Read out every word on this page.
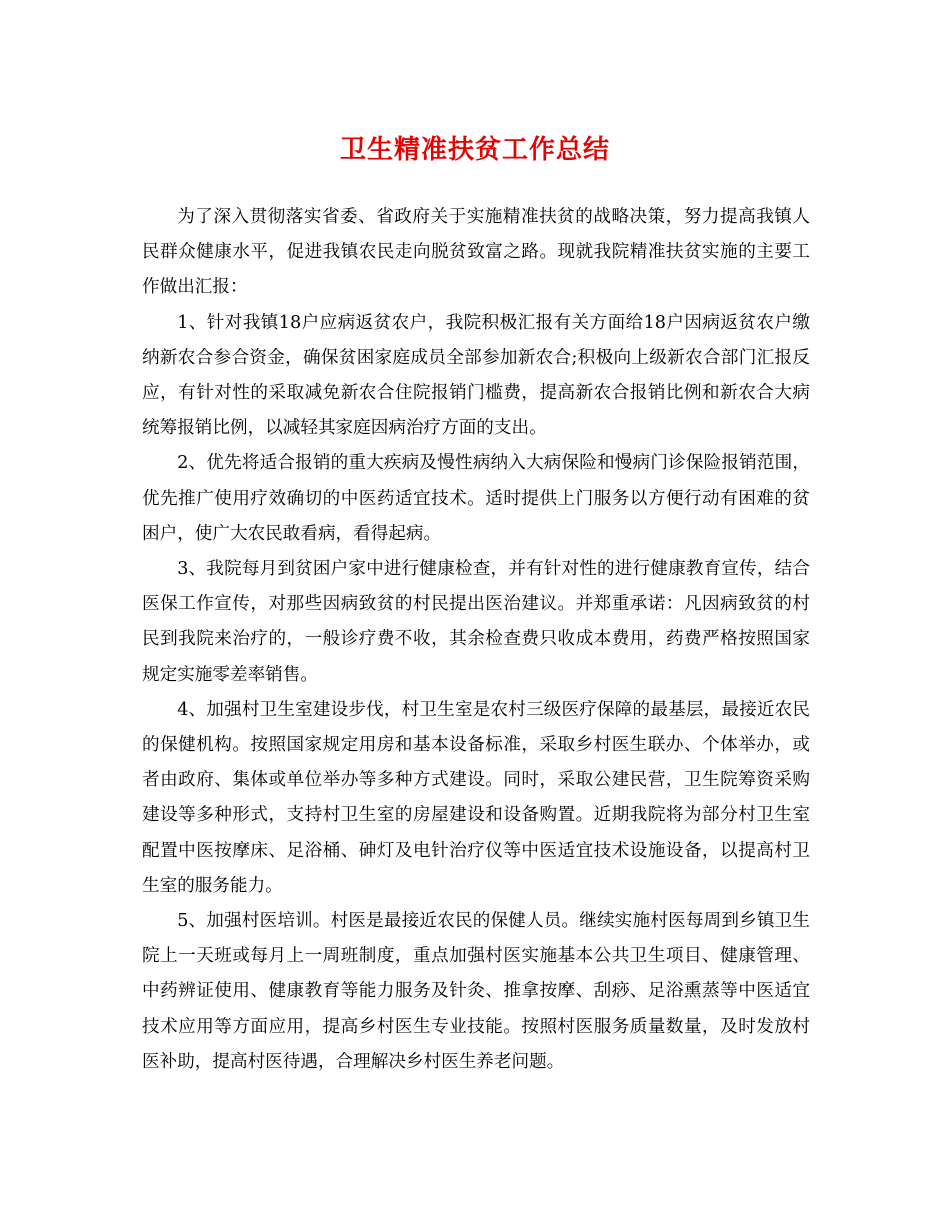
卫生精准扶贫工作总结

为了深入贯彻落实省委、省政府关于实施精准扶贫的战略决策，努力提高我镇人民群众健康水平，促进我镇农民走向脱贫致富之路。现就我院精准扶贫实施的主要工作做出汇报：

1、针对我镇18户应病返贫农户，我院积极汇报有关方面给18户因病返贫农户缴纳新农合参合资金，确保贫困家庭成员全部参加新农合;积极向上级新农合部门汇报反应，有针对性的采取减免新农合住院报销门槛费，提高新农合报销比例和新农合大病统筹报销比例，以减轻其家庭因病治疗方面的支出。

2、优先将适合报销的重大疾病及慢性病纳入大病保险和慢病门诊保险报销范围，优先推广使用疗效确切的中医药适宜技术。适时提供上门服务以方便行动有困难的贫困户，使广大农民敢看病，看得起病。

3、我院每月到贫困户家中进行健康检查，并有针对性的进行健康教育宣传，结合医保工作宣传，对那些因病致贫的村民提出医治建议。并郑重承诺：凡因病致贫的村民到我院来治疗的，一般诊疗费不收，其余检查费只收成本费用，药费严格按照国家规定实施零差率销售。

4、加强村卫生室建设步伐，村卫生室是农村三级医疗保障的最基层，最接近农民的保健机构。按照国家规定用房和基本设备标准，采取乡村医生联办、个体举办，或者由政府、集体或单位举办等多种方式建设。同时，采取公建民营，卫生院筹资采购建设等多种形式，支持村卫生室的房屋建设和设备购置。近期我院将为部分村卫生室配置中医按摩床、足浴桶、砷灯及电针治疗仪等中医适宜技术设施设备，以提高村卫生室的服务能力。

5、加强村医培训。村医是最接近农民的保健人员。继续实施村医每周到乡镇卫生院上一天班或每月上一周班制度，重点加强村医实施基本公共卫生项目、健康管理、中药辨证使用、健康教育等能力服务及针灸、推拿按摩、刮痧、足浴熏蒸等中医适宜技术应用等方面应用，提高乡村医生专业技能。按照村医服务质量数量，及时发放村医补助，提高村医待遇，合理解决乡村医生养老问题。
